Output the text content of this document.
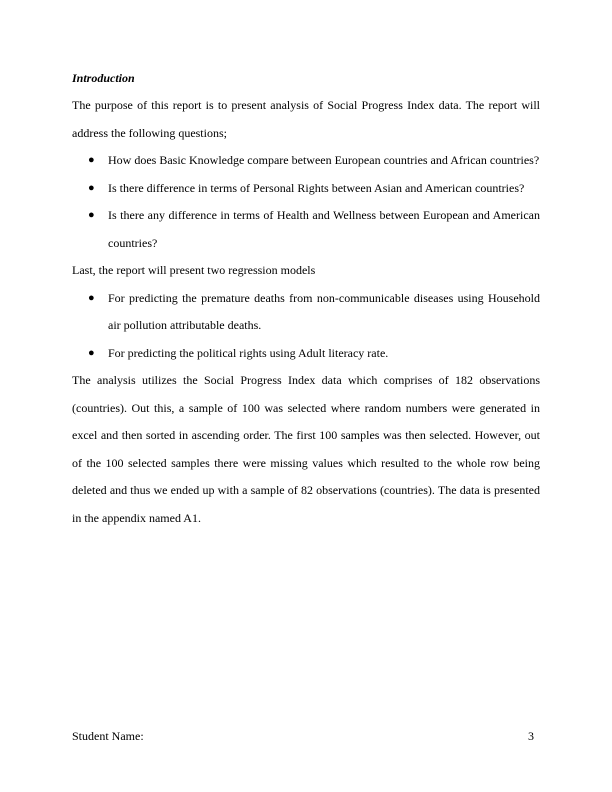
Introduction

The purpose of this report is to present analysis of Social Progress Index data. The report will address the following questions;

● How does Basic Knowledge compare between European countries and African countries?
● Is there difference in terms of Personal Rights between Asian and American countries?
● Is there any difference in terms of Health and Wellness between European and American countries?

Last, the report will present two regression models

● For predicting the premature deaths from non-communicable diseases using Household air pollution attributable deaths.
● For predicting the political rights using Adult literacy rate.

The analysis utilizes the Social Progress Index data which comprises of 182 observations (countries). Out this, a sample of 100 was selected where random numbers were generated in excel and then sorted in ascending order. The first 100 samples was then selected. However, out of the 100 selected samples there were missing values which resulted to the whole row being deleted and thus we ended up with a sample of 82 observations (countries). The data is presented in the appendix named A1.

Student Name:	3
